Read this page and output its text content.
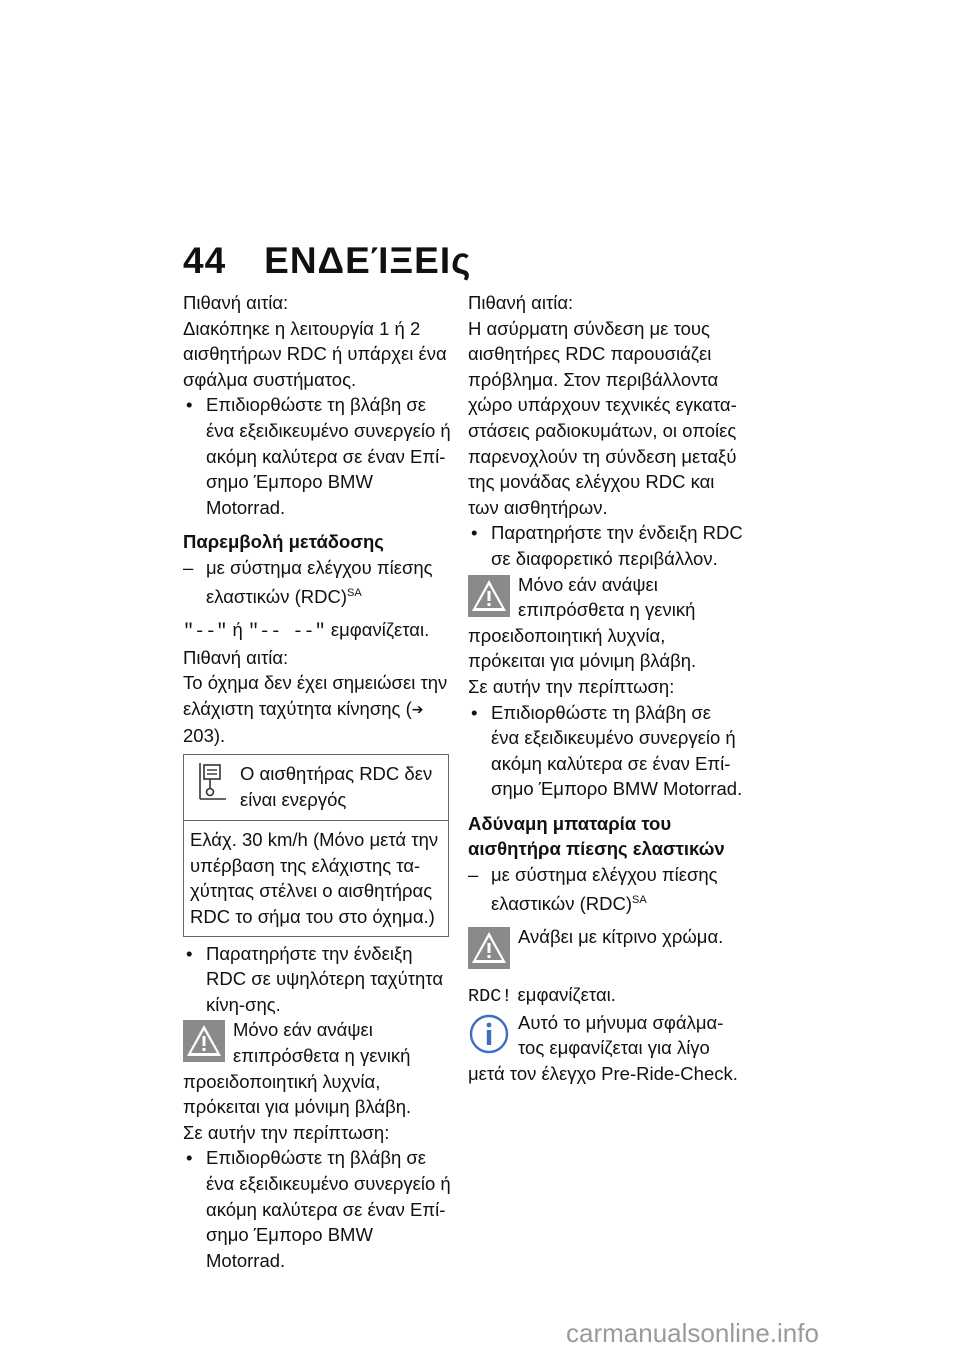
44 ΕΝΔΕΊΞΕΙς

Πιθανή αιτία:

Διακόπηκε η λειτουργία 1 ή 2 αισθητήρων RDC ή υπάρχει ένα σφάλμα συστήματος.

• Επιδιορθώστε τη βλάβη σε ένα εξειδικευμένο συνεργείο ή ακόμη καλύτερα σε έναν Επί-σημο Έμπορο BMW Motorrad.

Παρεμβολή μετάδοσης

– με σύστημα ελέγχου πίεσης ελαστικών (RDC)$^{SA}$

"--" ή "-- --" εμφανίζεται.

Πιθανή αιτία:

Το όχημα δεν έχει σημειώσει την ελάχιστη ταχύτητα κίνησης (➔ 203).

Ο αισθητήρας RDC δεν είναι ενεργός
Ελάχ. 30 km/h (Μόνο μετά την υπέρβαση της ελάχιστης τα-χύτητας στέλνει ο αισθητήρας RDC το σήμα του στο όχημα.)

• Παρατηρήστε την ένδειξη RDC σε υψηλότερη ταχύτητα κίνη-σης.

Μόνο εάν ανάψει επιπρόσθετα η γενική προειδοποιητική λυχνία, πρόκειται για μόνιμη βλάβη.

Σε αυτήν την περίπτωση:

• Επιδιορθώστε τη βλάβη σε ένα εξειδικευμένο συνεργείο ή ακόμη καλύτερα σε έναν Επί-σημο Έμπορο BMW Motorrad.

Πιθανή αιτία:

Η ασύρματη σύνδεση με τους αισθητήρες RDC παρουσιάζει πρόβλημα. Στον περιβάλλοντα χώρο υπάρχουν τεχνικές εγκατα-στάσεις ραδιοκυμάτων, οι οποίες παρενοχλούν τη σύνδεση μεταξύ της μονάδας ελέγχου RDC και των αισθητήρων.

• Παρατηρήστε την ένδειξη RDC σε διαφορετικό περιβάλλον.

Μόνο εάν ανάψει επιπρόσθετα η γενική προειδοποιητική λυχνία, πρόκειται για μόνιμη βλάβη.

Σε αυτήν την περίπτωση:

• Επιδιορθώστε τη βλάβη σε ένα εξειδικευμένο συνεργείο ή ακόμη καλύτερα σε έναν Επί-σημο Έμπορο BMW Motorrad.

Αδύναμη μπαταρία του αισθητήρα πίεσης ελαστικών

– με σύστημα ελέγχου πίεσης ελαστικών (RDC)$^{SA}$

Ανάβει με κίτρινο χρώμα.

RDC! εμφανίζεται.

Αυτό το μήνυμα σφάλμα-τος εμφανίζεται για λίγο μετά τον έλεγχο Pre-Ride-Check.
carmanualsonline.info
